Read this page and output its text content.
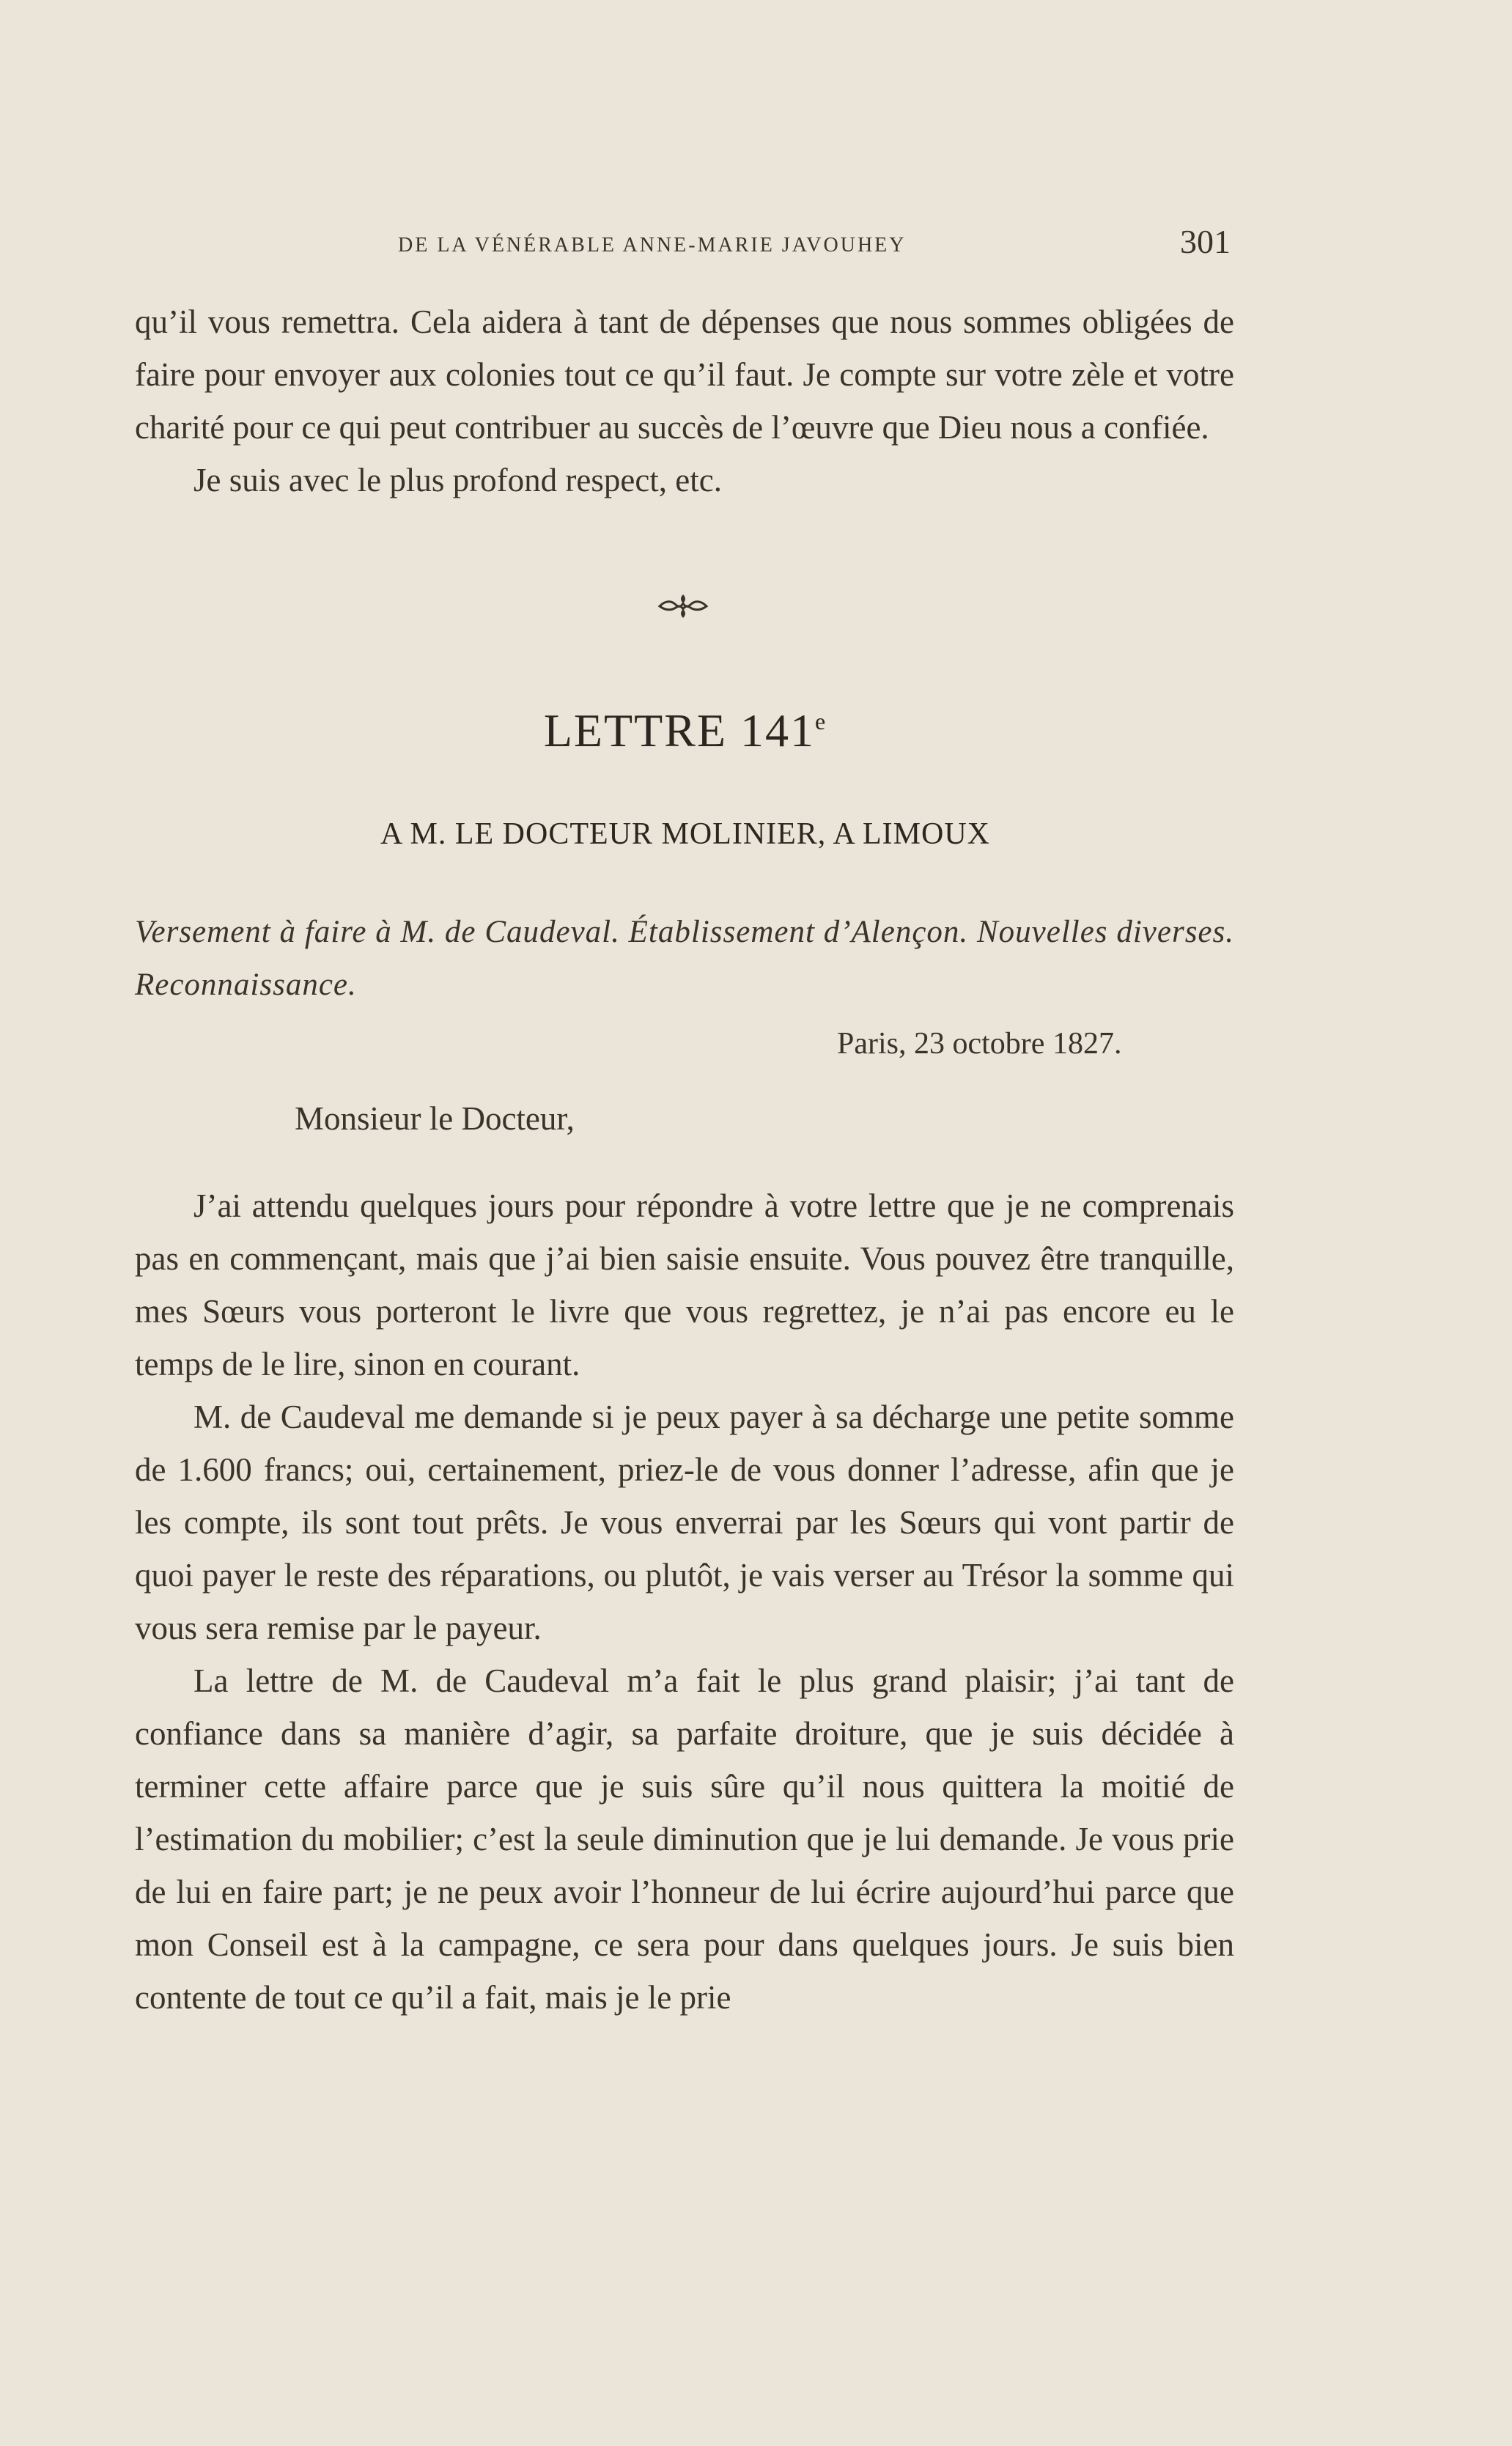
DE LA VÉNÉRABLE ANNE-MARIE JAVOUHEY	301

qu’il vous remettra. Cela aidera à tant de dépenses que nous sommes obligées de faire pour envoyer aux colonies tout ce qu’il faut. Je compte sur votre zèle et votre charité pour ce qui peut contribuer au succès de l’œuvre que Dieu nous a confiée.

Je suis avec le plus profond respect, etc.

LETTRE 141e
A M. LE DOCTEUR MOLINIER, A LIMOUX
Versement à faire à M. de Caudeval. Établissement d’Alençon. Nouvelles diverses. Reconnaissance.
Paris, 23 octobre 1827.
Monsieur le Docteur,

J’ai attendu quelques jours pour répondre à votre lettre que je ne comprenais pas en commençant, mais que j’ai bien saisie ensuite. Vous pouvez être tranquille, mes Sœurs vous porteront le livre que vous regrettez, je n’ai pas encore eu le temps de le lire, sinon en courant.

M. de Caudeval me demande si je peux payer à sa décharge une petite somme de 1.600 francs; oui, certainement, priez-le de vous donner l’adresse, afin que je les compte, ils sont tout prêts. Je vous enverrai par les Sœurs qui vont partir de quoi payer le reste des réparations, ou plutôt, je vais verser au Trésor la somme qui vous sera remise par le payeur.

La lettre de M. de Caudeval m’a fait le plus grand plaisir; j’ai tant de confiance dans sa manière d’agir, sa parfaite droiture, que je suis décidée à terminer cette affaire parce que je suis sûre qu’il nous quittera la moitié de l’estimation du mobilier; c’est la seule diminution que je lui demande. Je vous prie de lui en faire part; je ne peux avoir l’honneur de lui écrire aujourd’hui parce que mon Conseil est à la campagne, ce sera pour dans quelques jours. Je suis bien contente de tout ce qu’il a fait, mais je le prie
